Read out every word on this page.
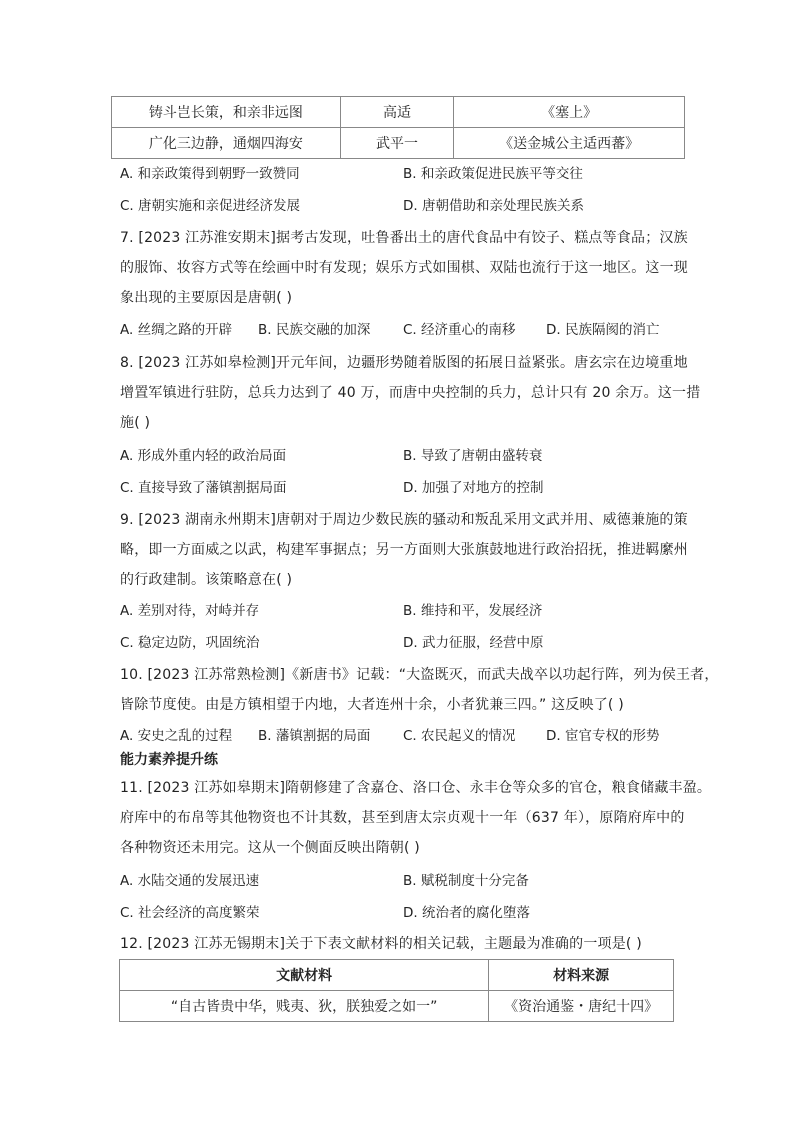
铸斗岂长策，和亲非远图	高适	《塞上》
广化三边静，通烟四海安	武平一	《送金城公主适西蕃》
A. 和亲政策得到朝野一致赞同	B. 和亲政策促进民族平等交往
C. 唐朝实施和亲促进经济发展	D. 唐朝借助和亲处理民族关系
7. [2023 江苏淮安期末]据考古发现，吐鲁番出土的唐代食品中有饺子、糕点等食品；汉族
的服饰、妆容方式等在绘画中时有发现；娱乐方式如围棋、双陆也流行于这一地区。这一现
象出现的主要原因是唐朝( )
A. 丝绸之路的开辟 B. 民族交融的加深 C. 经济重心的南移 D. 民族隔阂的消亡
8. [2023 江苏如皋检测]开元年间，边疆形势随着版图的拓展日益紧张。唐玄宗在边境重地
增置军镇进行驻防，总兵力达到了 40 万，而唐中央控制的兵力，总计只有 20 余万。这一措
施( )
A. 形成外重内轻的政治局面	B. 导致了唐朝由盛转衰
C. 直接导致了藩镇割据局面	D. 加强了对地方的控制
9. [2023 湖南永州期末]唐朝对于周边少数民族的骚动和叛乱采用文武并用、威德兼施的策
略，即一方面威之以武，构建军事据点；另一方面则大张旗鼓地进行政治招抚，推进羁縻州
的行政建制。该策略意在( )
A. 差别对待，对峙并存	B. 维持和平，发展经济
C. 稳定边防，巩固统治	D. 武力征服，经营中原
10. [2023 江苏常熟检测]《新唐书》记载：“大盗既灭，而武夫战卒以功起行阵，列为侯王者，
皆除节度使。由是方镇相望于内地，大者连州十余，小者犹兼三四。” 这反映了( )
A. 安史之乱的过程 B. 藩镇割据的局面 C. 农民起义的情况 D. 宦官专权的形势
能力素养提升练
11. [2023 江苏如皋期末]隋朝修建了含嘉仓、洛口仓、永丰仓等众多的官仓，粮食储藏丰盈。
府库中的布帛等其他物资也不计其数，甚至到唐太宗贞观十一年（637 年），原隋府库中的
各种物资还未用完。这从一个侧面反映出隋朝( )
A. 水陆交通的发展迅速	B. 赋税制度十分完备
C. 社会经济的高度繁荣	D. 统治者的腐化堕落
12. [2023 江苏无锡期末]关于下表文献材料的相关记载，主题最为准确的一项是( )
文献材料	材料来源
“自古皆贵中华，贱夷、狄，朕独爱之如一”	《资治通鉴・唐纪十四》
